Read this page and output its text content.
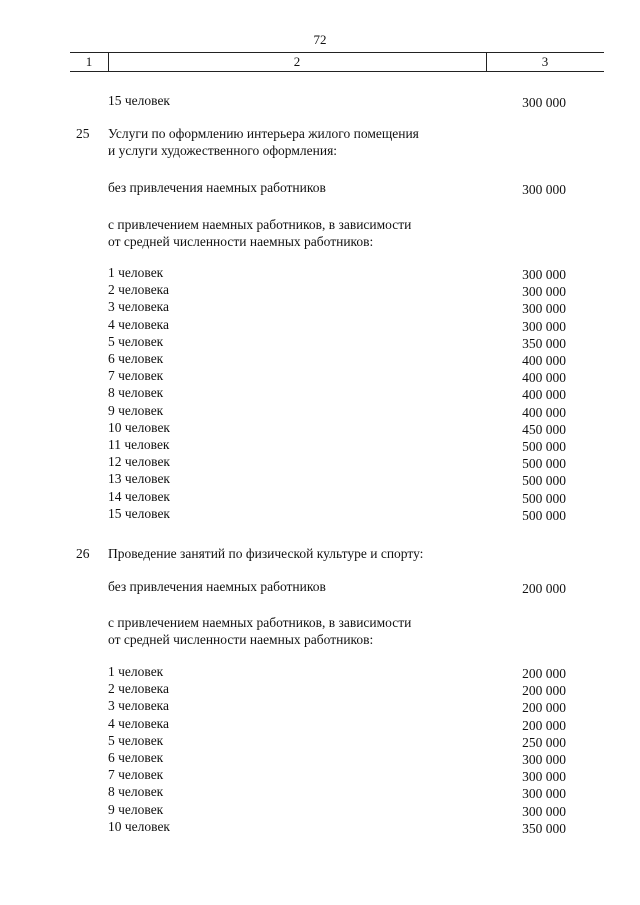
72
1	2	3
15 человек	300 000
25 Услуги по оформлению интерьера жилого помещения
и услуги художественного оформления:
без привлечения наемных работников	300 000
с привлечением наемных работников, в зависимости
от средней численности наемных работников:
1 человек	300 000
2 человека	300 000
3 человека	300 000
4 человека	300 000
5 человек	350 000
6 человек	400 000
7 человек	400 000
8 человек	400 000
9 человек	400 000
10 человек	450 000
11 человек	500 000
12 человек	500 000
13 человек	500 000
14 человек	500 000
15 человек	500 000
26 Проведение занятий по физической культуре и спорту:
без привлечения наемных работников	200 000
с привлечением наемных работников, в зависимости
от средней численности наемных работников:
1 человек	200 000
2 человека	200 000
3 человека	200 000
4 человека	200 000
5 человек	250 000
6 человек	300 000
7 человек	300 000
8 человек	300 000
9 человек	300 000
10 человек	350 000
